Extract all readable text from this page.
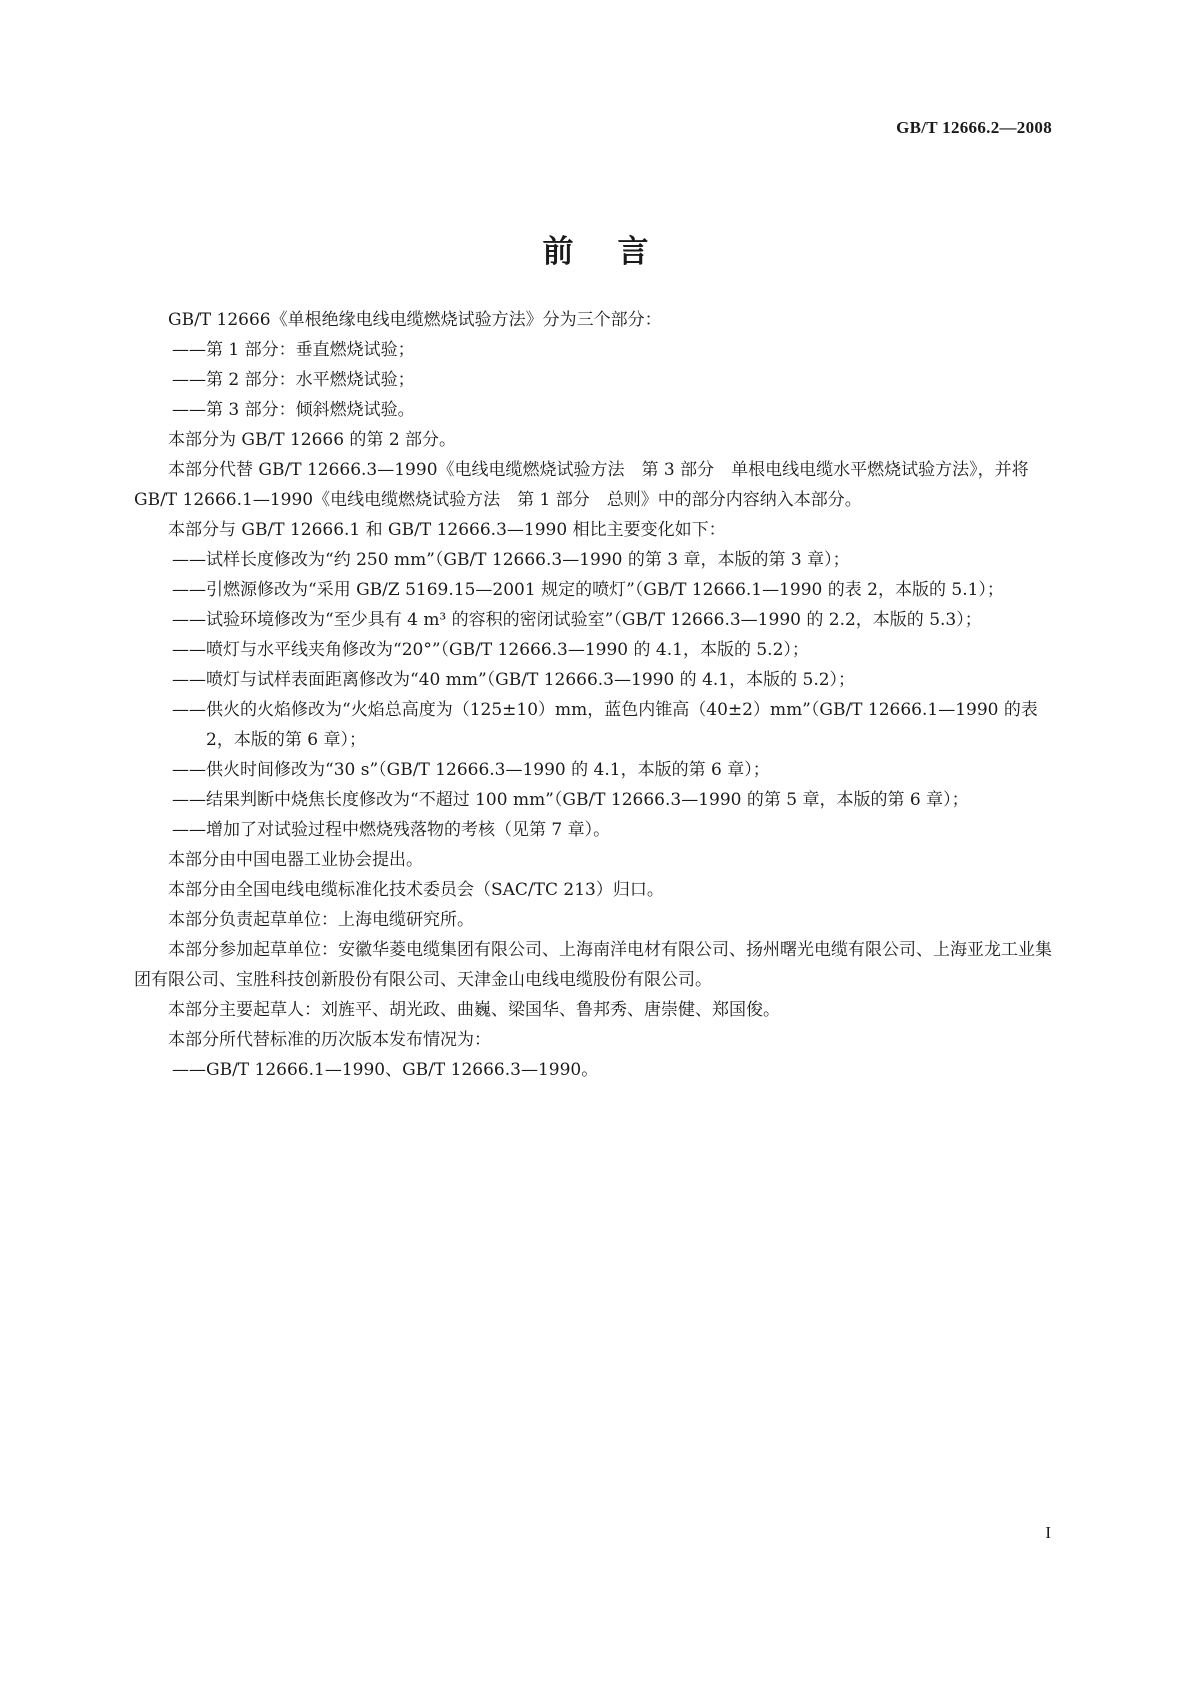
GB/T 12666.2—2008
前言

GB/T 12666《单根绝缘电线电缆燃烧试验方法》分为三个部分：

——第 1 部分：垂直燃烧试验；

——第 2 部分：水平燃烧试验；

——第 3 部分：倾斜燃烧试验。

本部分为 GB/T 12666 的第 2 部分。

本部分代替 GB/T 12666.3—1990《电线电缆燃烧试验方法　第 3 部分　单根电线电缆水平燃烧试验方法》，并将 GB/T 12666.1—1990《电线电缆燃烧试验方法　第 1 部分　总则》中的部分内容纳入本部分。

本部分与 GB/T 12666.1 和 GB/T 12666.3—1990 相比主要变化如下：

——试样长度修改为“约 250 mm”（GB/T 12666.3—1990 的第 3 章，本版的第 3 章）；

——引燃源修改为“采用 GB/Z 5169.15—2001 规定的喷灯”（GB/T 12666.1—1990 的表 2，本版的 5.1）；

——试验环境修改为“至少具有 4 m³ 的容积的密闭试验室”（GB/T 12666.3—1990 的 2.2，本版的 5.3）；

——喷灯与水平线夹角修改为“20°”（GB/T 12666.3—1990 的 4.1，本版的 5.2）；

——喷灯与试样表面距离修改为“40 mm”（GB/T 12666.3—1990 的 4.1，本版的 5.2）；

——供火的火焰修改为“火焰总高度为（125±10）mm，蓝色内锥高（40±2）mm”（GB/T 12666.1—1990 的表 2，本版的第 6 章）；

——供火时间修改为“30 s”（GB/T 12666.3—1990 的 4.1，本版的第 6 章）；

——结果判断中烧焦长度修改为“不超过 100 mm”（GB/T 12666.3—1990 的第 5 章，本版的第 6 章）；

——增加了对试验过程中燃烧残落物的考核（见第 7 章）。

本部分由中国电器工业协会提出。

本部分由全国电线电缆标准化技术委员会（SAC/TC 213）归口。

本部分负责起草单位：上海电缆研究所。

本部分参加起草单位：安徽华菱电缆集团有限公司、上海南洋电材有限公司、扬州曙光电缆有限公司、上海亚龙工业集团有限公司、宝胜科技创新股份有限公司、天津金山电线电缆股份有限公司。

本部分主要起草人：刘旌平、胡光政、曲巍、梁国华、鲁邦秀、唐崇健、郑国俊。

本部分所代替标准的历次版本发布情况为：

——GB/T 12666.1—1990、GB/T 12666.3—1990。

I
